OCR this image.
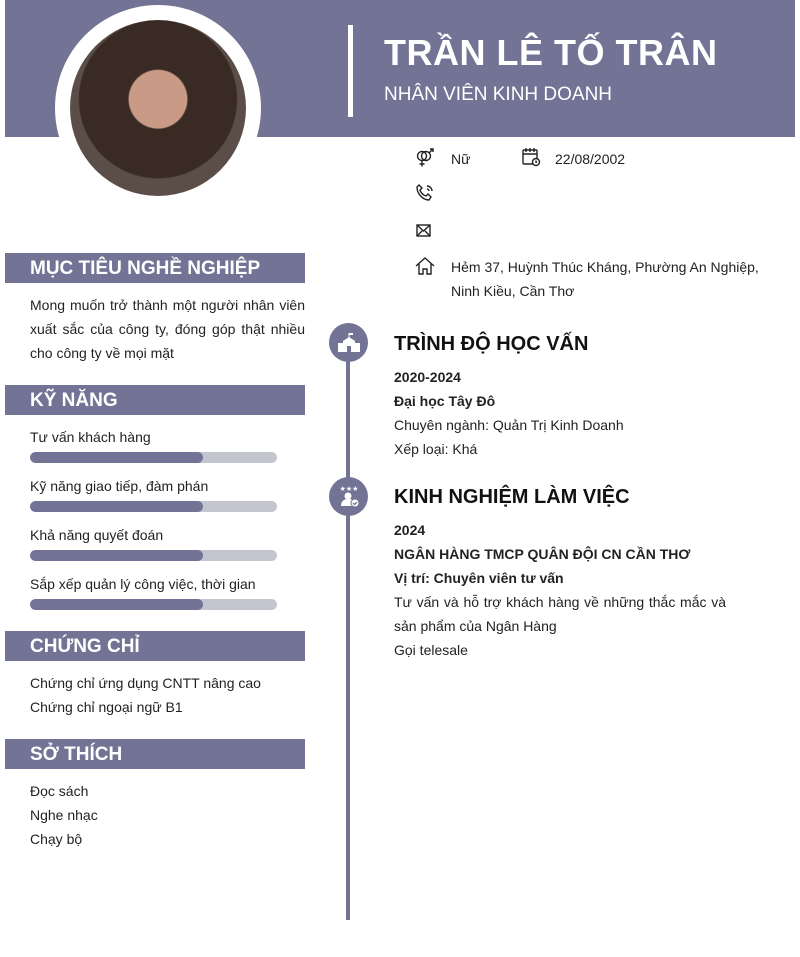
TRẦN LÊ TỐ TRÂN
NHÂN VIÊN KINH DOANH
Nữ	22/08/2002
Hẻm 37, Huỳnh Thúc Kháng, Phường An Nghiệp,
Ninh Kiều, Cần Thơ
MỤC TIÊU NGHỀ NGHIỆP
Mong muốn trở thành một người nhân viên
xuất sắc của công ty, đóng góp thật nhiều
cho công ty về mọi mặt
KỸ NĂNG
Tư vấn khách hàng
Kỹ năng giao tiếp, đàm phán
Khả năng quyết đoán
Sắp xếp quản lý công việc, thời gian
CHỨNG CHỈ
Chứng chỉ ứng dụng CNTT nâng cao
Chứng chỉ ngoại ngữ B1
SỞ THÍCH
Đọc sách
Nghe nhạc
Chạy bộ
TRÌNH ĐỘ HỌC VẤN
2020-2024
Đại học Tây Đô
Chuyên ngành: Quản Trị Kinh Doanh
Xếp loại: Khá
★★★ KINH NGHIỆM LÀM VIỆC
2024
NGÂN HÀNG TMCP QUÂN ĐỘI CN CẦN THƠ
Vị trí: Chuyên viên tư vấn
Tư vấn và hỗ trợ khách hàng về những thắc mắc và
sản phẩm của Ngân Hàng
Gọi telesale
